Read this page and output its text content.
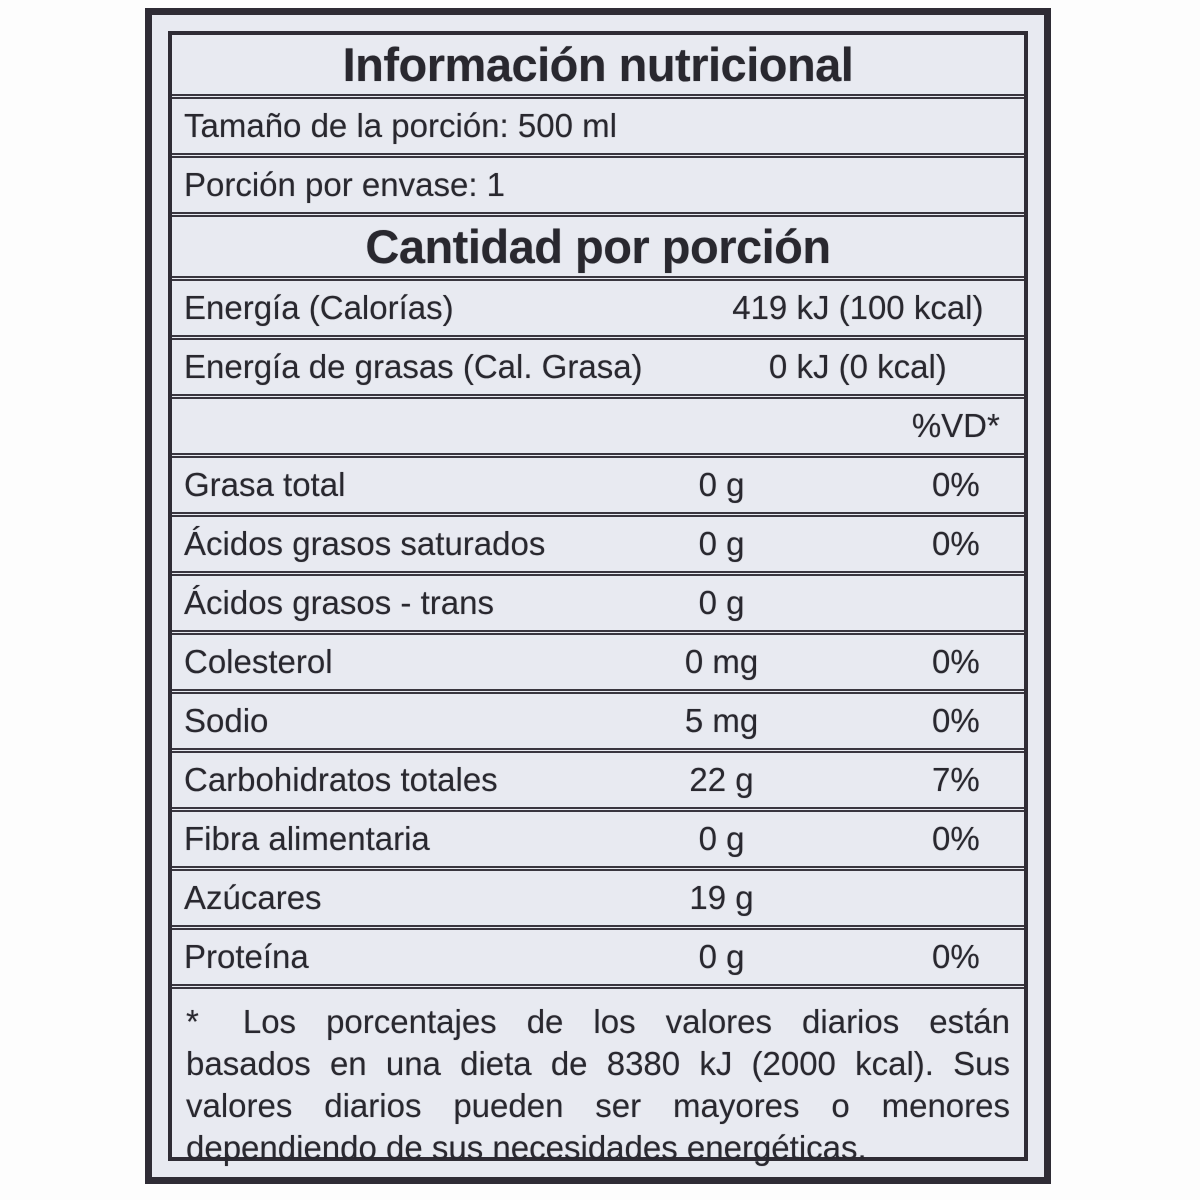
Información nutricional
Tamaño de la porción: 500 ml
Porción por envase: 1
Cantidad por porción
Energía (Calorías)	419 kJ (100 kcal)
Energía de grasas (Cal. Grasa)	0 kJ (0 kcal)
%VD*
Grasa total	0 g	0%
Ácidos grasos saturados	0 g	0%
Ácidos grasos - trans	0 g
Colesterol	0 mg	0%
Sodio	5 mg	0%
Carbohidratos totales	22 g	7%
Fibra alimentaria	0 g	0%
Azúcares	19 g
Proteína	0 g	0%
* Los porcentajes de los valores diarios están basados en una dieta de 8380 kJ (2000 kcal). Sus valores diarios pueden ser mayores o menores dependiendo de sus necesidades energéticas.
